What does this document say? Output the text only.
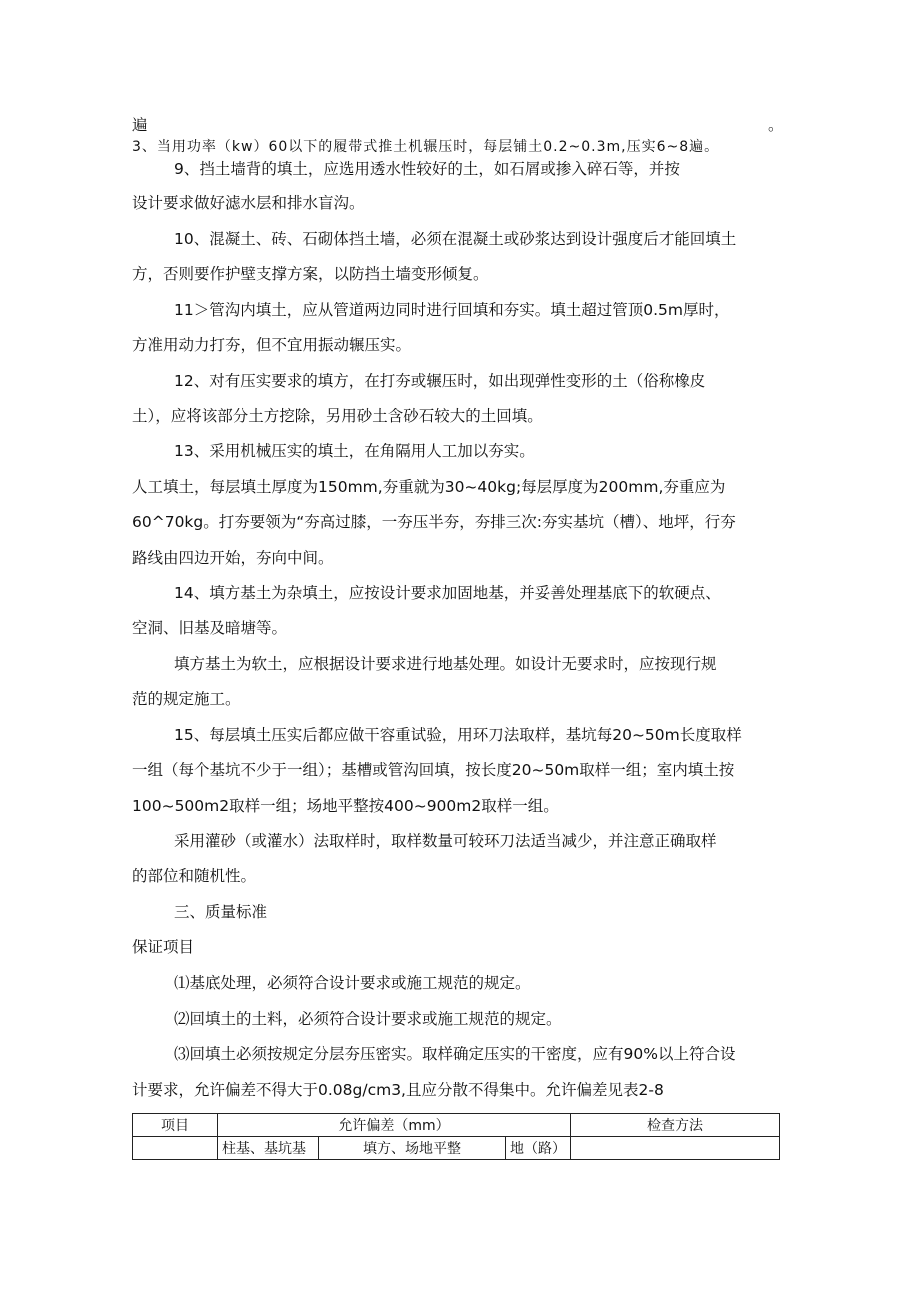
遍	。
3、当用功率（kw）60以下的履带式推土机辗压时，每层铺土0.2~0.3m,压实6~8遍。
9、挡土墙背的填土，应选用透水性较好的土，如石屑或掺入碎石等，并按
设计要求做好滤水层和排水盲沟。
10、混凝土、砖、石砌体挡土墙，必须在混凝土或砂浆达到设计强度后才能回填土
方，否则要作护壁支撑方案，以防挡土墙变形倾复。
11＞管沟内填土，应从管道两边同时进行回填和夯实。填土超过管顶0.5m厚时，
方准用动力打夯，但不宜用振动辗压实。
12、对有压实要求的填方，在打夯或辗压时，如出现弹性变形的土（俗称橡皮
土），应将该部分土方挖除，另用砂土含砂石较大的土回填。
13、采用机械压实的填土，在角隔用人工加以夯实。
人工填土，每层填土厚度为150mm,夯重就为30~40kg;每层厚度为200mm,夯重应为
60^70kg。打夯要领为“夯高过膝，一夯压半夯，夯排三次:夯实基坑（槽）、地坪，行夯
路线由四边开始，夯向中间。
14、填方基土为杂填土，应按设计要求加固地基，并妥善处理基底下的软硬点、
空洞、旧基及暗塘等。
填方基土为软土，应根据设计要求进行地基处理。如设计无要求时，应按现行规
范的规定施工。
15、每层填土压实后都应做干容重试验，用环刀法取样，基坑每20~50m长度取样
一组（每个基坑不少于一组）；基槽或管沟回填，按长度20~50m取样一组；室内填土按
100~500m2取样一组；场地平整按400~900m2取样一组。
采用灌砂（或灌水）法取样时，取样数量可较环刀法适当减少，并注意正确取样
的部位和随机性。
三、质量标准
保证项目
⑴基底处理，必须符合设计要求或施工规范的规定。
⑵回填土的土料，必须符合设计要求或施工规范的规定。
⑶回填土必须按规定分层夯压密实。取样确定压实的干密度，应有90%以上符合设
计要求，允许偏差不得大于0.08g∕cm3,且应分散不得集中。允许偏差见表2-8
项目	允许偏差（mm）			检查方法
	柱基、基坑基	填方、场地平整	地（路）	
